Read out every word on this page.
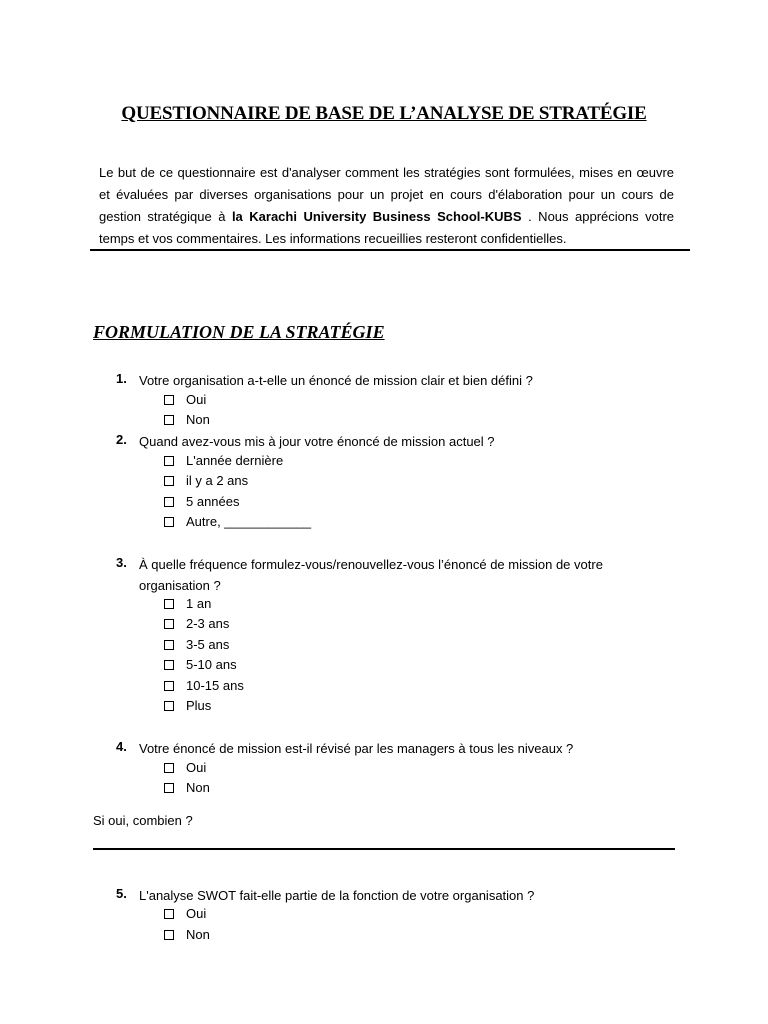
QUESTIONNAIRE DE BASE DE L’ANALYSE DE STRATÉGIE
Le but de ce questionnaire est d'analyser comment les stratégies sont formulées, mises en œuvre et évaluées par diverses organisations pour un projet en cours d'élaboration pour un cours de gestion stratégique à la Karachi University Business School-KUBS . Nous apprécions votre temps et vos commentaires. Les informations recueillies resteront confidentielles.
FORMULATION DE LA STRATÉGIE
1. Votre organisation a-t-elle un énoncé de mission clair et bien défini ?
Oui
Non
2. Quand avez-vous mis à jour votre énoncé de mission actuel ?
L'année dernière
il y a 2 ans
5 années
Autre, ____________
3. À quelle fréquence formulez-vous/renouvellez-vous l’énoncé de mission de votre organisation ?
1 an
2-3 ans
3-5 ans
5-10 ans
10-15 ans
Plus
4. Votre énoncé de mission est-il révisé par les managers à tous les niveaux ?
Oui
Non
Si oui, combien ?
5. L'analyse SWOT fait-elle partie de la fonction de votre organisation ?
Oui
Non
